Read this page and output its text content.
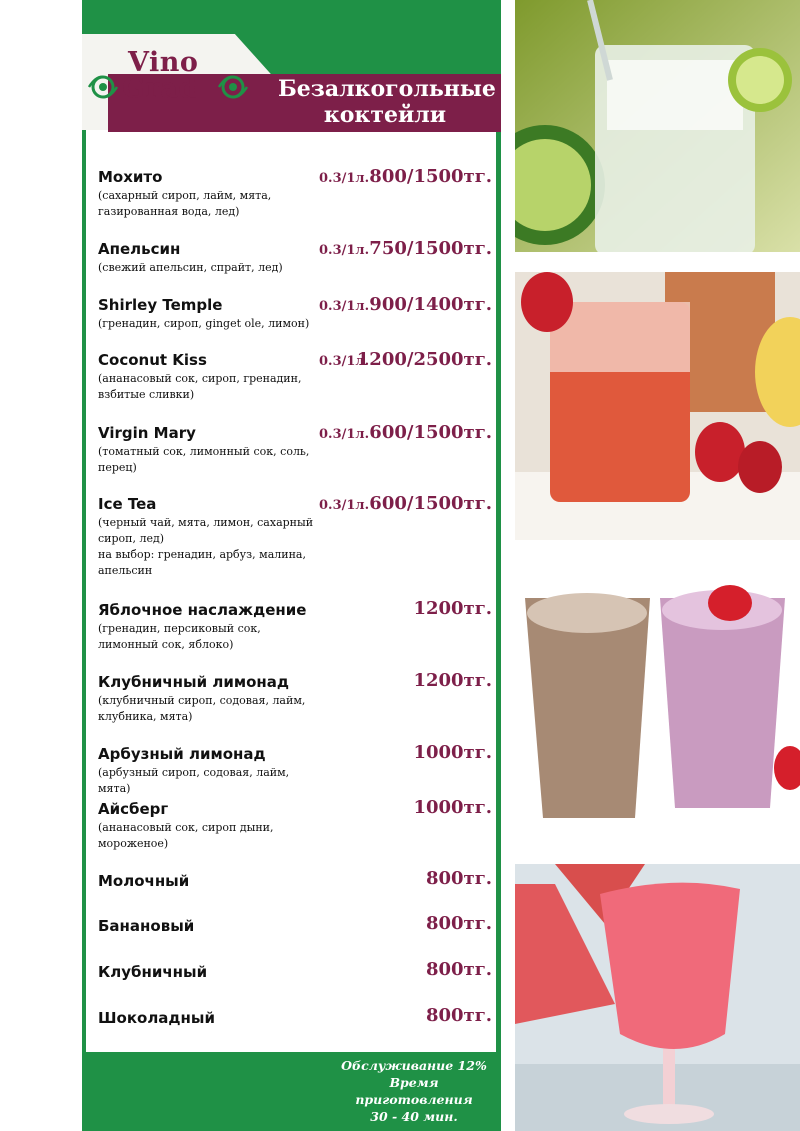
Vino
Grad	Безалкогольные
коктейли
Мохито
(сахарный сироп, лайм, мята,
газированная вода, лед)
0.3/1л. 800/1500тг.
Апельсин
(свежий апельсин, спрайт, лед)
0.3/1л. 750/1500тг.
Shirley Temple
(гренадин, сироп, ginget ole, лимон)
0.3/1л. 900/1400тг.
Coconut Kiss
(ананасовый сок, сироп, гренадин,
взбитые сливки)
0.3/1л.
1200/2500тг.
Virgin Mary
(томатный сок, лимонный сок, соль,
перец)
0.3/1л. 600/1500тг.
Ice Tea
(черный чай, мята, лимон, сахарный
сироп, лед)
на выбор: гренадин, арбуз, малина,
апельсин
0.3/1л. 600/1500тг.
Яблочное наслаждение
(гренадин, персиковый сок,
лимонный сок, яблоко)
1200тг.
Клубничный лимонад
(клубничный сироп, содовая, лайм,
клубника, мята)
1200тг.
Арбузный лимонад
(арбузный сироп, содовая, лайм, мята)
1000тг.
Айсберг
(ананасовый сок, сироп дыни,
мороженое)
1000тг.
Молочный	800тг.
Банановый	800тг.
Клубничный	800тг.
Шоколадный	800тг.
Обслуживание 12%
Время приготовления
30 - 40 мин.
